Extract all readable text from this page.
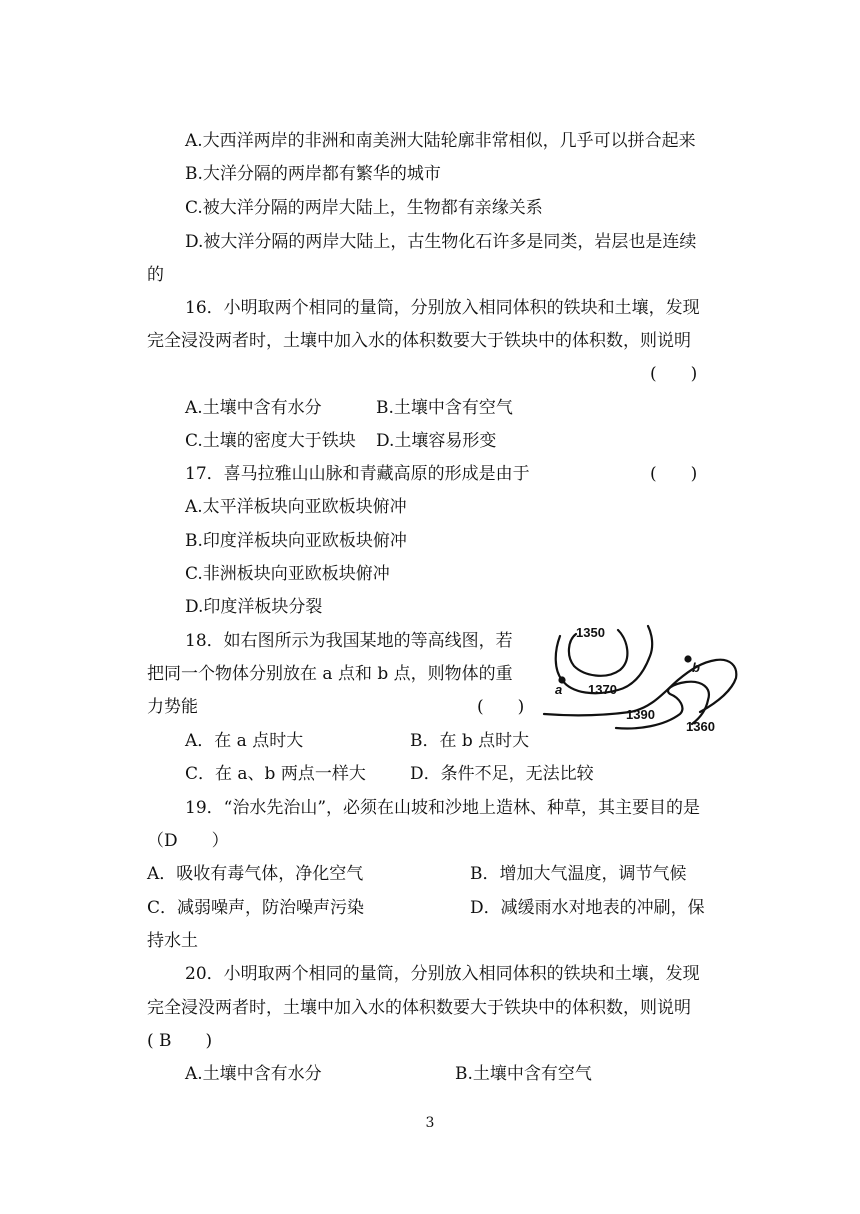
A.大西洋两岸的非洲和南美洲大陆轮廓非常相似，几乎可以拼合起来
B.大洋分隔的两岸都有繁华的城市
C.被大洋分隔的两岸大陆上，生物都有亲缘关系
D.被大洋分隔的两岸大陆上，古生物化石许多是同类，岩层也是连续
的
16．小明取两个相同的量筒，分别放入相同体积的铁块和土壤，发现
完全浸没两者时，土壤中加入水的体积数要大于铁块中的体积数，则说明
(　　)
A.土壤中含有水分	B.土壤中含有空气
C.土壤的密度大于铁块 D.土壤容易形变
17．喜马拉雅山山脉和青藏高原的形成是由于	(　　)
A.太平洋板块向亚欧板块俯冲
B.印度洋板块向亚欧板块俯冲
C.非洲板块向亚欧板块俯冲
D.印度洋板块分裂
18．如右图所示为我国某地的等高线图，若
把同一个物体分别放在 a 点和 b 点，则物体的重
力势能	(　　)
A．在 a 点时大	B．在 b 点时大
C．在 a、b 两点一样大	D．条件不足，无法比较
1350
1370
1390
1360
a
b
19．“治水先治山”，必须在山坡和沙地上造林、种草，其主要目的是
（D　　）
A．吸收有毒气体，净化空气	B．增加大气温度，调节气候
C．减弱噪声，防治噪声污染	D．减缓雨水对地表的冲刷，保
持水土
20．小明取两个相同的量筒，分别放入相同体积的铁块和土壤，发现
完全浸没两者时，土壤中加入水的体积数要大于铁块中的体积数，则说明
( B　　)
A.土壤中含有水分	B.土壤中含有空气
3
